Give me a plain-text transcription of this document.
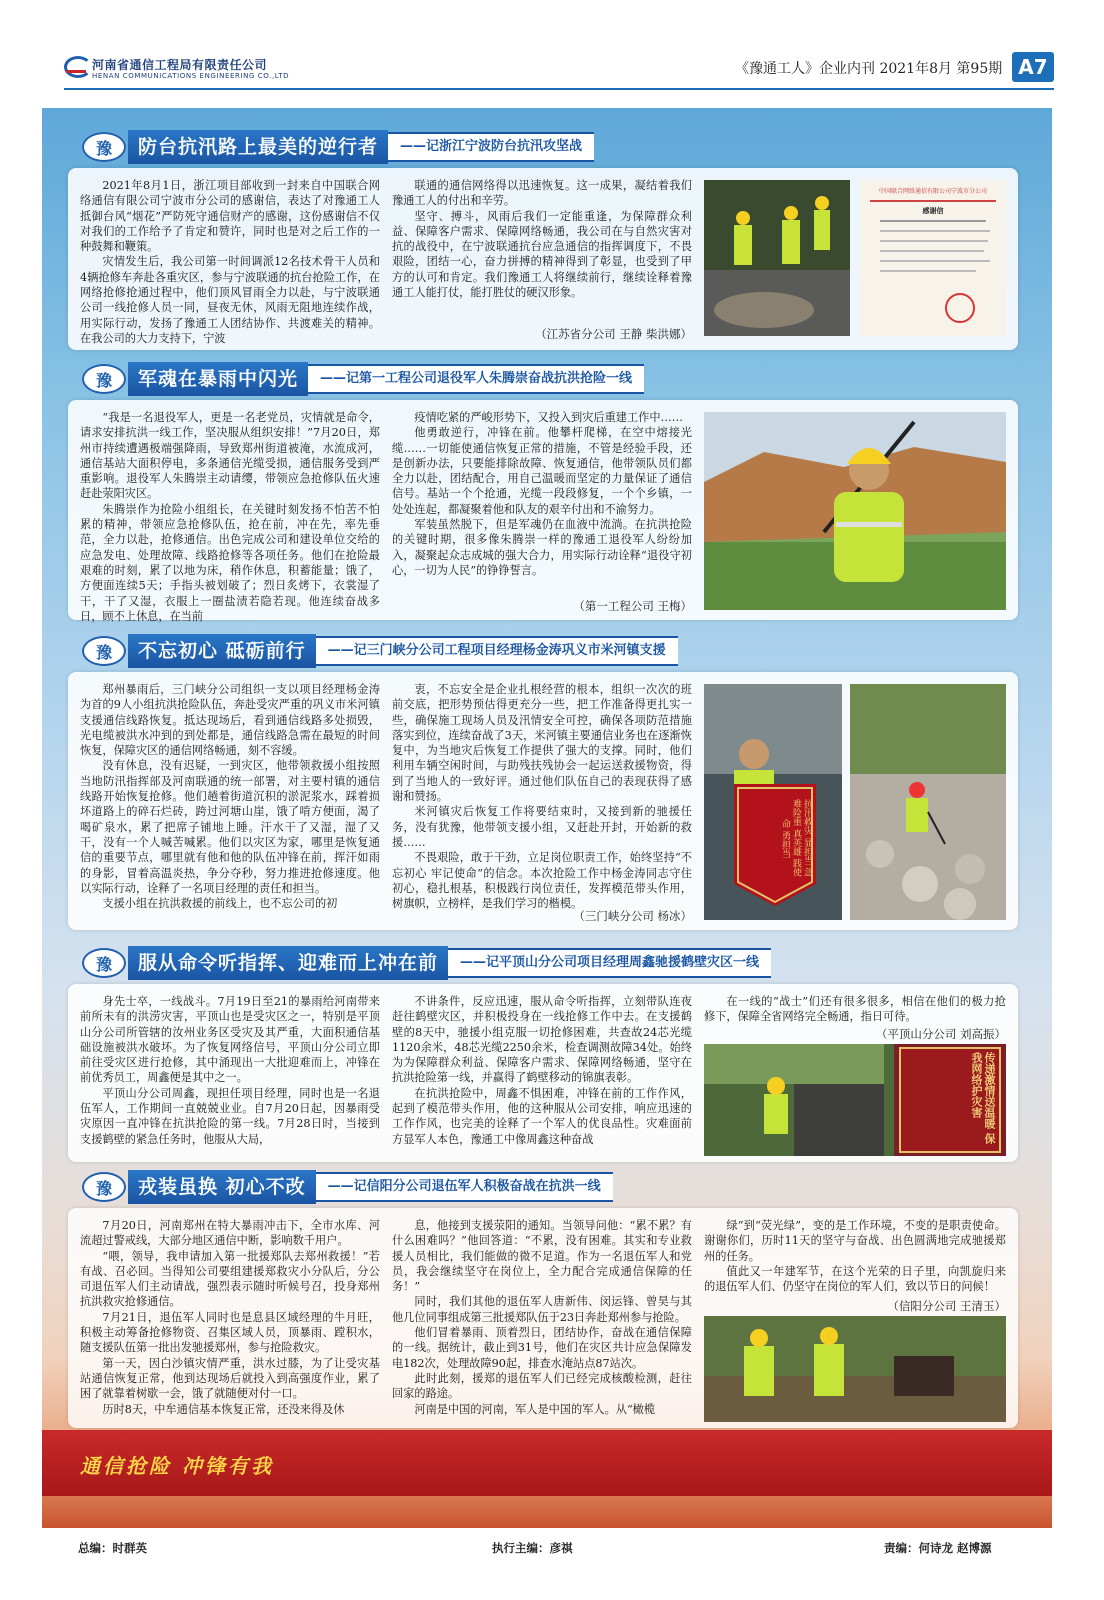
河南省通信工程局有限责任公司
HENAN COMMUNICATIONS ENGINEERING CO.,LTD	《豫通工人》企业内刊 2021年8月 第95期 A7
豫	防台抗汛路上最美的逆行者	——记浙江宁波防台抗汛攻坚战

2021年8月1日，浙江项目部收到一封来自中国联合网络通信有限公司宁波市分公司的感谢信，表达了对豫通工人抵御台风“烟花”严防死守通信财产的感谢，这份感谢信不仅对我们的工作给予了肯定和赞许，同时也是对之后工作的一种鼓舞和鞭策。

灾情发生后，我公司第一时间调派12名技术骨干人员和4辆抢修车奔赴各重灾区，参与宁波联通的抗台抢险工作，在网络抢修抢通过程中，他们顶风冒雨全力以赴，与宁波联通公司一线抢修人员一同，昼夜无休，风雨无阻地连续作战，用实际行动，发扬了豫通工人团结协作、共渡难关的精神。在我公司的大力支持下，宁波

联通的通信网络得以迅速恢复。这一成果，凝结着我们豫通工人的付出和辛劳。

坚守、搏斗，风雨后我们一定能重逢，为保障群众利益、保障客户需求、保障网络畅通，我公司在与自然灾害对抗的战役中，在宁波联通抗台应急通信的指挥调度下，不畏艰险，团结一心，奋力拼搏的精神得到了彰显，也受到了甲方的认可和肯定。我们豫通工人将继续前行，继续诠释着豫通工人能打仗，能打胜仗的硬汉形象。

（江苏省分公司 王静 柴洪娜）
中国联合网络通信有限公司宁波市分公司
感谢信
豫	军魂在暴雨中闪光	——记第一工程公司退役军人朱腾崇奋战抗洪抢险一线

“我是一名退役军人，更是一名老党员，灾情就是命令，请求安排抗洪一线工作，坚决服从组织安排！”7月20日，郑州市持续遭遇极端强降雨，导致郑州街道被淹，水流成河，通信基站大面积停电，多条通信光缆受损，通信服务受到严重影响。退役军人朱腾崇主动请缨，带领应急抢修队伍火速赶赴荥阳灾区。

朱腾崇作为抢险小组组长，在关键时刻发扬不怕苦不怕累的精神，带领应急抢修队伍，抢在前，冲在先，率先垂范，全力以赴，抢修通信。出色完成公司和建设单位交给的应急发电、处理故障、线路抢修等各项任务。他们在抢险最艰难的时刻，累了以地为床，稍作休息，积蓄能量；饿了，方便面连续5天；手指头被划破了；烈日炙烤下，衣裳湿了干，干了又湿，衣服上一圈盐渍若隐若现。他连续奋战多日，顾不上休息，在当前

疫情吃紧的严峻形势下，又投入到灾后重建工作中……

他勇敢逆行，冲锋在前。他攀杆爬梯，在空中熔接光缆……一切能使通信恢复正常的措施，不管是经验手段，还是创新办法，只要能排除故障、恢复通信，他带领队员们都全力以赴，团结配合，用自己温暖而坚定的力量保证了通信信号。基站一个个抢通，光缆一段段修复，一个个乡镇，一处处连起，都凝聚着他和队友的艰辛付出和不渝努力。

军装虽然脱下，但是军魂仍在血液中流淌。在抗洪抢险的关键时期，很多像朱腾崇一样的豫通工退役军人纷纷加入，凝聚起众志成城的强大合力，用实际行动诠释“退役守初心，一切为人民”的铮铮誓言。

（第一工程公司 王梅）
豫	不忘初心 砥砺前行	——记三门峡分公司工程项目经理杨金涛巩义市米河镇支援

郑州暴雨后，三门峡分公司组织一支以项目经理杨金涛为首的9人小组抗洪抢险队伍，奔赴受灾严重的巩义市米河镇支援通信线路恢复。抵达现场后，看到通信线路多处损毁，光电缆被洪水冲到的到处都是，通信线路急需在最短的时间恢复，保障灾区的通信网络畅通，刻不容缓。

没有休息，没有迟疑，一到灾区，他带领救援小组按照当地防汛指挥部及河南联通的统一部署，对主要村镇的通信线路开始恢复抢修。他们趟着街道沉积的淤泥浆水，踩着损坏道路上的碎石烂砖，跨过河塘山崖，饿了啃方便面，渴了喝矿泉水，累了把席子铺地上睡。汗水干了又湿，湿了又干，没有一个人喊苦喊累。他们以灾区为家，哪里是恢复通信的重要节点，哪里就有他和他的队伍冲锋在前，挥汗如雨的身影，冒着高温炎热，争分夺秒，努力推进抢修速度。他以实际行动，诠释了一名项目经理的责任和担当。

支援小组在抗洪救援的前线上，也不忘公司的初

衷，不忘安全是企业扎根经营的根本，组织一次次的班前交底，把形势预估得更充分一些，把工作准备得更扎实一些，确保施工现场人员及汛情安全可控，确保各项防范措施落实到位，连续奋战了3天，米河镇主要通信业务也在逐渐恢复中，为当地灾后恢复工作提供了强大的支撑。同时，他们利用车辆空闲时间，与助残扶残协会一起运送救援物资，得到了当地人的一致好评。通过他们队伍自己的表现获得了感谢和赞扬。

米河镇灾后恢复工作将要结束时，又接到新的驰援任务，没有犹豫，他带领支援小组，又赶赴开封，开始新的救援……

不畏艰险，敢于干劲，立足岗位职责工作，始终坚持“不忘初心 牢记使命”的信念。本次抢险工作中杨金涛同志守住初心，稳扎根基，积极践行岗位责任，发挥模范带头作用，树旗帜，立榜样，是我们学习的楷模。

（三门峡分公司 杨冰）
抗汛救灾 显担当 急难险重 真英雄 践使命 勇担当
豫	服从命令听指挥、迎难而上冲在前	——记平顶山分公司项目经理周鑫驰援鹤壁灾区一线

身先士卒，一线战斗。7月19日至21的暴雨给河南带来前所未有的洪涝灾害，平顶山也是受灾区之一，特别是平顶山分公司所管辖的汝州业务区受灾及其严重，大面积通信基础设施被洪水破坏。为了恢复网络信号，平顶山分公司立即前往受灾区进行抢修，其中涌现出一大批迎难而上，冲锋在前优秀员工，周鑫便是其中之一。

平顶山分公司周鑫，现担任项目经理，同时也是一名退伍军人，工作期间一直兢兢业业。自7月20日起，因暴雨受灾原因一直冲锋在抗洪抢险的第一线。7月28日时，当接到支援鹤壁的紧急任务时，他服从大局，

不讲条件，反应迅速，服从命令听指挥，立刻带队连夜赶往鹤壁灾区，并积极投身在一线抢修工作中去。在支援鹤壁的8天中，驰援小组克服一切抢修困难，共查故24芯光缆1120余米，48芯光缆2250余米，检查调测故障34处。始终为为保障群众利益、保障客户需求、保障网络畅通，坚守在抗洪抢险第一线，并赢得了鹤壁移动的锦旗表彰。

在抗洪抢险中，周鑫不惧困难，冲锋在前的工作作风，起到了模范带头作用，他的这种服从公司安排，响应迅速的工作作风，也完美的诠释了一个军人的优良品性。灾难面前方显军人本色，豫通工中像周鑫这种奋战

在一线的“战士”们还有很多很多，相信在他们的极力抢修下，保障全省网络完全畅通，指日可待。

（平顶山分公司 刘高振）
传递激情送温暖 保我网络护灾害
豫	戎装虽换 初心不改	——记信阳分公司退伍军人积极奋战在抗洪一线

7月20日，河南郑州在特大暴雨冲击下，全市水库、河流超过警戒线，大部分地区通信中断，影响数千用户。

“喂，领导，我申请加入第一批援郑队去郑州救援！”若有战、召必回。当得知公司要组建援郑救灾小分队后，分公司退伍军人们主动请战，强烈表示随时听候号召，投身郑州抗洪救灾抢修通信。

7月21日，退伍军人同时也是息县区域经理的牛月旺，积极主动筹备抢修物资、召集区域人员，顶暴雨、蹚积水，随支援队伍第一批出发驰援郑州，参与抢险救灾。

第一天，因白沙镇灾情严重，洪水过膝，为了让受灾基站通信恢复正常，他到达现场后就投入到高强度作业，累了困了就靠着树歇一会，饿了就随便对付一口。

历时8天，中牟通信基本恢复正常，还没来得及休

息，他接到支援荥阳的通知。当领导问他：“累不累？有什么困难吗？”他回答道：“不累，没有困难。其实和专业救援人员相比，我们能做的微不足道。作为一名退伍军人和党员，我会继续坚守在岗位上，全力配合完成通信保障的任务！”

同时，我们其他的退伍军人唐新伟、闵运锋、曾昊与其他几位同事组成第三批援郑队伍于23日奔赴郑州参与抢险。

他们冒着暴雨、顶着烈日，团结协作，奋战在通信保障的一线。据统计，截止到31号，他们在灾区共计应急保障发电182次，处理故障90起，排查水淹站点87站次。

此时此刻，援郑的退伍军人们已经完成核酸检测，赶往回家的路途。

河南是中国的河南，军人是中国的军人。从“橄榄

绿”到“荧光绿”，变的是工作环境，不变的是职责使命。谢谢你们，历时11天的坚守与奋战、出色圆满地完成驰援郑州的任务。

值此又一年建军节，在这个光荣的日子里，向凯旋归来的退伍军人们、仍坚守在岗位的军人们，致以节日的问候！

（信阳分公司 王清玉）
通信抢险 冲锋有我
总编：时群英	执行主编：彦祺	责编：何诗龙 赵博源
